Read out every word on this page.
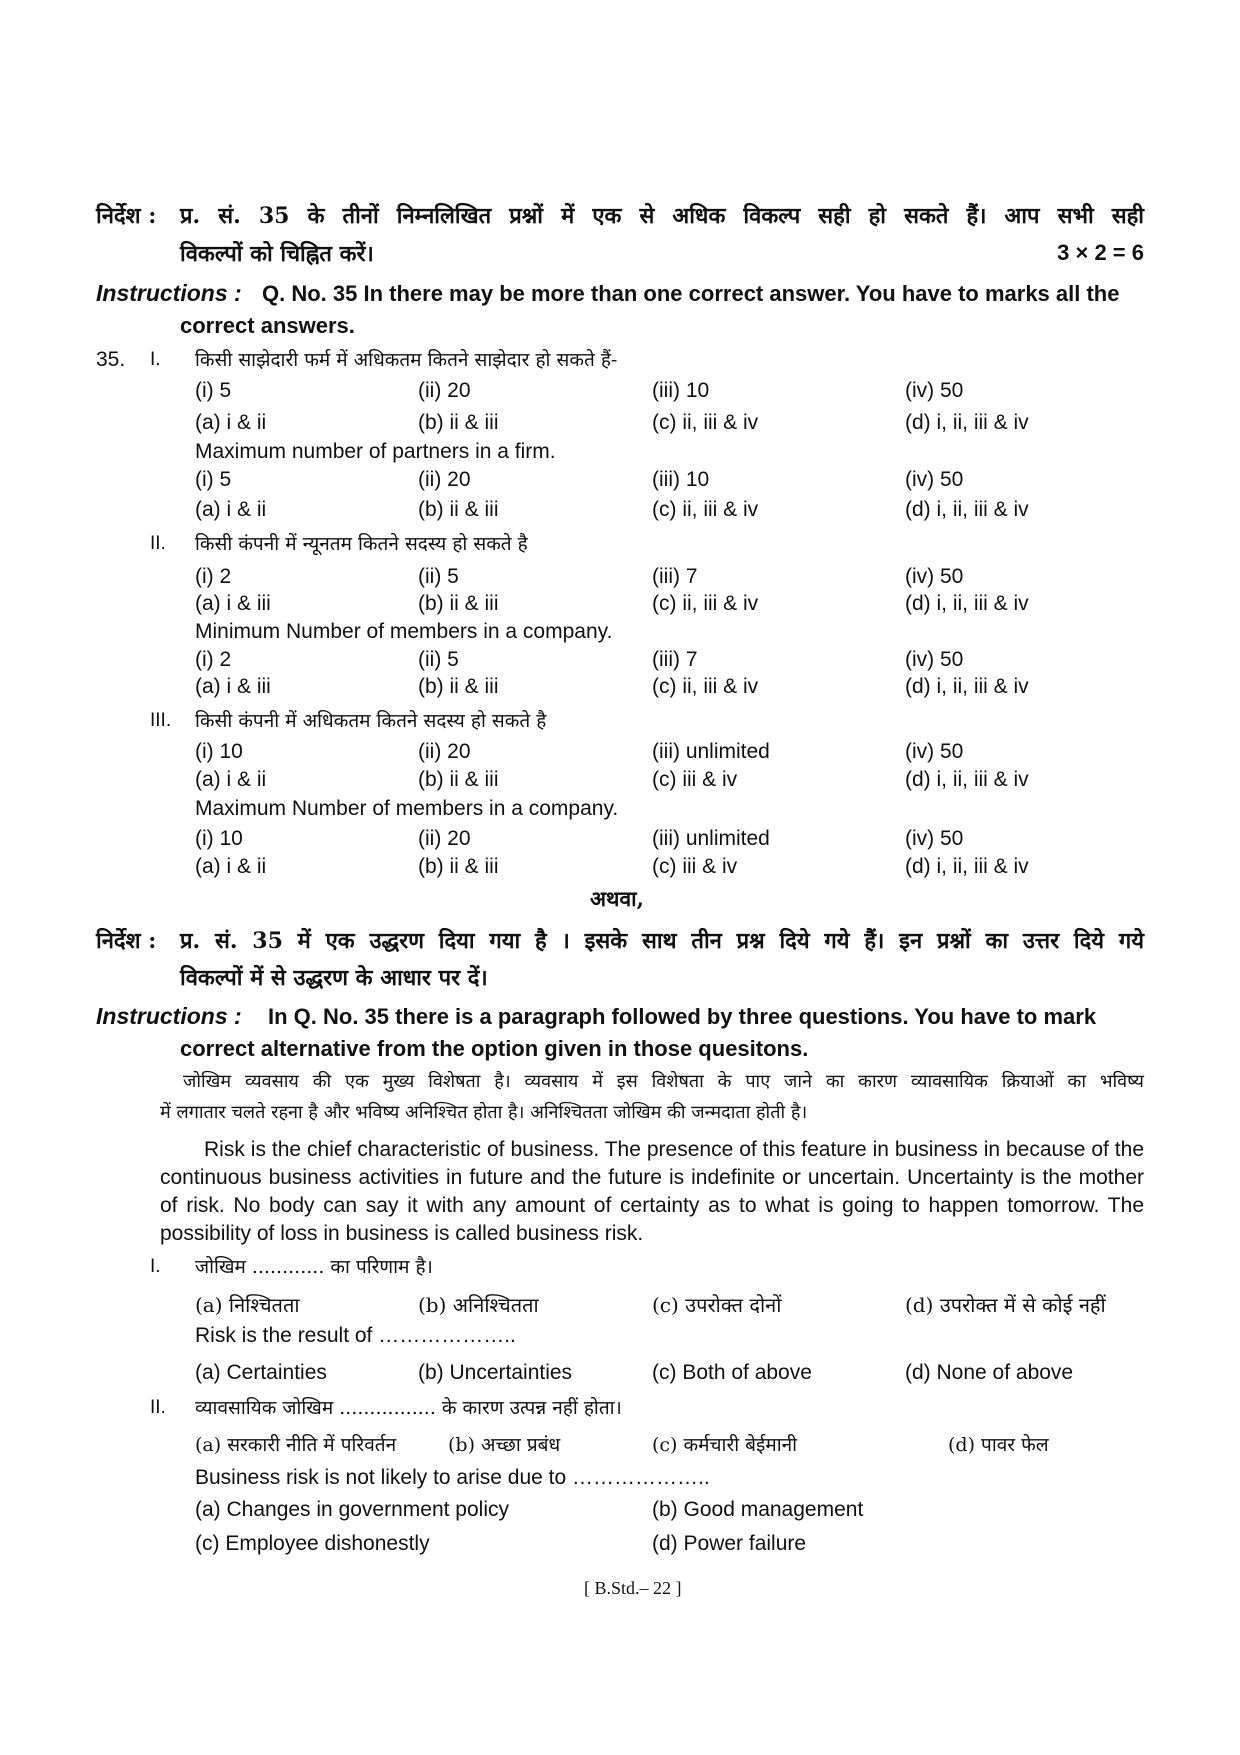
निर्देश : प्र. सं. 35 के तीनों निम्नलिखित प्रश्नों में एक से अधिक विकल्प सही हो सकते हैं। आप सभी सही
विकल्पों को चिह्नित करें।	3 × 2 = 6
Instructions : Q. No. 35 In there may be more than one correct answer. You have to marks all the
correct answers.
35. I. किसी साझेदारी फर्म में अधिकतम कितने साझेदार हो सकते हैं-
(i) 5	(ii) 20	(iii) 10	(iv) 50
(a) i & ii	(b) ii & iii	(c) ii, iii & iv	(d) i, ii, iii & iv
Maximum number of partners in a firm.
(i) 5	(ii) 20	(iii) 10	(iv) 50
(a) i & ii	(b) ii & iii	(c) ii, iii & iv	(d) i, ii, iii & iv
II. किसी कंपनी में न्यूनतम कितने सदस्य हो सकते है
(i) 2	(ii) 5	(iii) 7	(iv) 50
(a) i & iii	(b) ii & iii	(c) ii, iii & iv	(d) i, ii, iii & iv
Minimum Number of members in a company.
(i) 2	(ii) 5	(iii) 7	(iv) 50
(a) i & iii	(b) ii & iii	(c) ii, iii & iv	(d) i, ii, iii & iv
III. किसी कंपनी में अधिकतम कितने सदस्य हो सकते है
(i) 10	(ii) 20	(iii) unlimited	(iv) 50
(a) i & ii	(b) ii & iii	(c) iii & iv	(d) i, ii, iii & iv
Maximum Number of members in a company.
(i) 10	(ii) 20	(iii) unlimited	(iv) 50
(a) i & ii	(b) ii & iii	(c) iii & iv	(d) i, ii, iii & iv
अथवा,
निर्देश : प्र. सं. 35 में एक उद्धरण दिया गया है । इसके साथ तीन प्रश्न दिये गये हैं। इन प्रश्नों का उत्तर दिये गये
विकल्पों में से उद्धरण के आधार पर दें।
Instructions : In Q. No. 35 there is a paragraph followed by three questions. You have to mark
correct alternative from the option given in those quesitons.
जोखिम व्यवसाय की एक मुख्य विशेषता है। व्यवसाय में इस विशेषता के पाए जाने का कारण व्यावसायिक क्रियाओं का भविष्य
में लगातार चलते रहना है और भविष्य अनिश्चित होता है। अनिश्चितता जोखिम की जन्मदाता होती है।
Risk is the chief characteristic of business. The presence of this feature in business in because of the continuous business activities in future and the future is indefinite or uncertain. Uncertainty is the mother of risk. No body can say it with any amount of certainty as to what is going to happen tomorrow. The possibility of loss in business is called business risk.
I. जोखिम ............ का परिणाम है।
(a) निश्चितता	(b) अनिश्चितता	(c) उपरोक्त दोनों	(d) उपरोक्त में से कोई नहीं
Risk is the result of ………………..
(a) Certainties	(b) Uncertainties	(c) Both of above	(d) None of above
II. व्यावसायिक जोखिम ................ के कारण उत्पन्न नहीं होता।
(a) सरकारी नीति में परिवर्तन	(b) अच्छा प्रबंध	(c) कर्मचारी बेईमानी	(d) पावर फेल
Business risk is not likely to arise due to ………………..
(a) Changes in government policy	(b) Good management
(c) Employee dishonestly	(d) Power failure
[ B.Std.– 22 ]
